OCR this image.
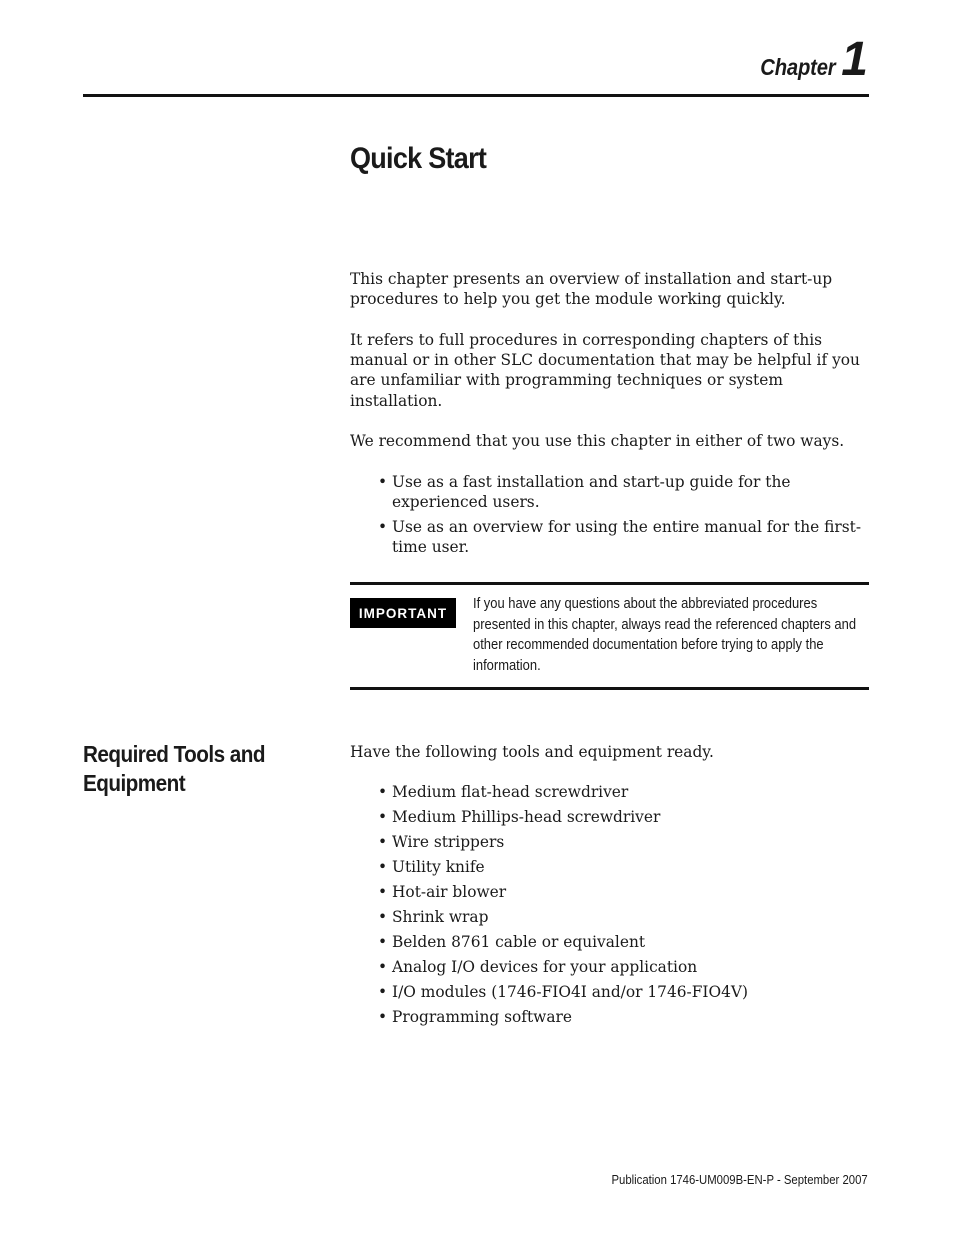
Chapter 1
Quick Start

This chapter presents an overview of installation and start-up procedures to help you get the module working quickly.

It refers to full procedures in corresponding chapters of this manual or in other SLC documentation that may be helpful if you are unfamiliar with programming techniques or system installation.

We recommend that you use this chapter in either of two ways.

• Use as a fast installation and start-up guide for the experienced users.
• Use as an overview for using the entire manual for the first-time user.
IMPORTANT
If you have any questions about the abbreviated procedures presented in this chapter, always read the referenced chapters and other recommended documentation before trying to apply the information.
Required Tools and Equipment

Have the following tools and equipment ready.

• Medium flat-head screwdriver
• Medium Phillips-head screwdriver
• Wire strippers
• Utility knife
• Hot-air blower
• Shrink wrap
• Belden 8761 cable or equivalent
• Analog I/O devices for your application
• I/O modules (1746-FIO4I and/or 1746-FIO4V)
• Programming software
Publication 1746-UM009B-EN-P - September 2007
